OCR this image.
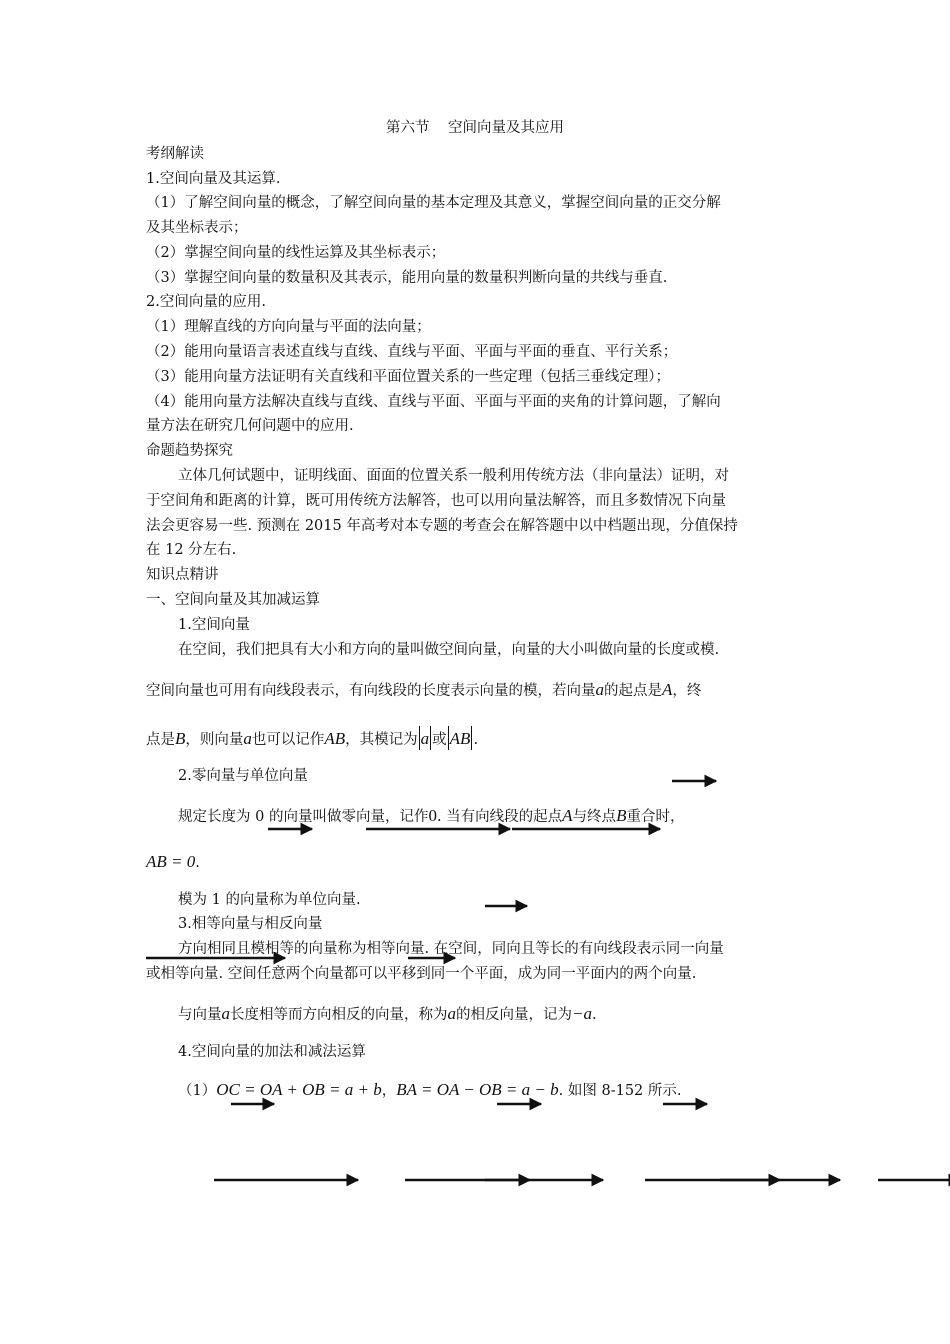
第六节    空间向量及其应用
考纲解读
1.空间向量及其运算.
（1）了解空间向量的概念，了解空间向量的基本定理及其意义，掌握空间向量的正交分解
及其坐标表示；
（2）掌握空间向量的线性运算及其坐标表示；
（3）掌握空间向量的数量积及其表示，能用向量的数量积判断向量的共线与垂直.
2.空间向量的应用.
（1）理解直线的方向向量与平面的法向量；
（2）能用向量语言表述直线与直线、直线与平面、平面与平面的垂直、平行关系；
（3）能用向量方法证明有关直线和平面位置关系的一些定理（包括三垂线定理）；
（4）能用向量方法解决直线与直线、直线与平面、平面与平面的夹角的计算问题，了解向
量方法在研究几何问题中的应用.
命题趋势探究
立体几何试题中，证明线面、面面的位置关系一般利用传统方法（非向量法）证明，对
于空间角和距离的计算，既可用传统方法解答，也可以用向量法解答，而且多数情况下向量
法会更容易一些. 预测在 2015 年高考对本专题的考查会在解答题中以中档题出现，分值保持
在 12 分左右.
知识点精讲
一、空间向量及其加减运算
1.空间向量
在空间，我们把具有大小和方向的量叫做空间向量，向量的大小叫做向量的长度或模.
空间向量也可用有向线段表示，有向线段的长度表示向量的模，若向量a的起点是A，终
点是B，则向量a也可以记作AB，其模记为 a 或 AB .
2.零向量与单位向量
规定长度为 0 的向量叫做零向量，记作0. 当有向线段的起点A与终点B重合时，
AB = 0.
模为 1 的向量称为单位向量.
3.相等向量与相反向量
方向相同且模相等的向量称为相等向量. 在空间，同向且等长的有向线段表示同一向量
或相等向量. 空间任意两个向量都可以平移到同一个平面，成为同一平面内的两个向量.
与向量a长度相等而方向相反的向量，称为a的相反向量，记为−a.
4.空间向量的加法和减法运算
（1）OC = OA + OB = a + b，BA = OA − OB = a − b. 如图 8-152 所示.
